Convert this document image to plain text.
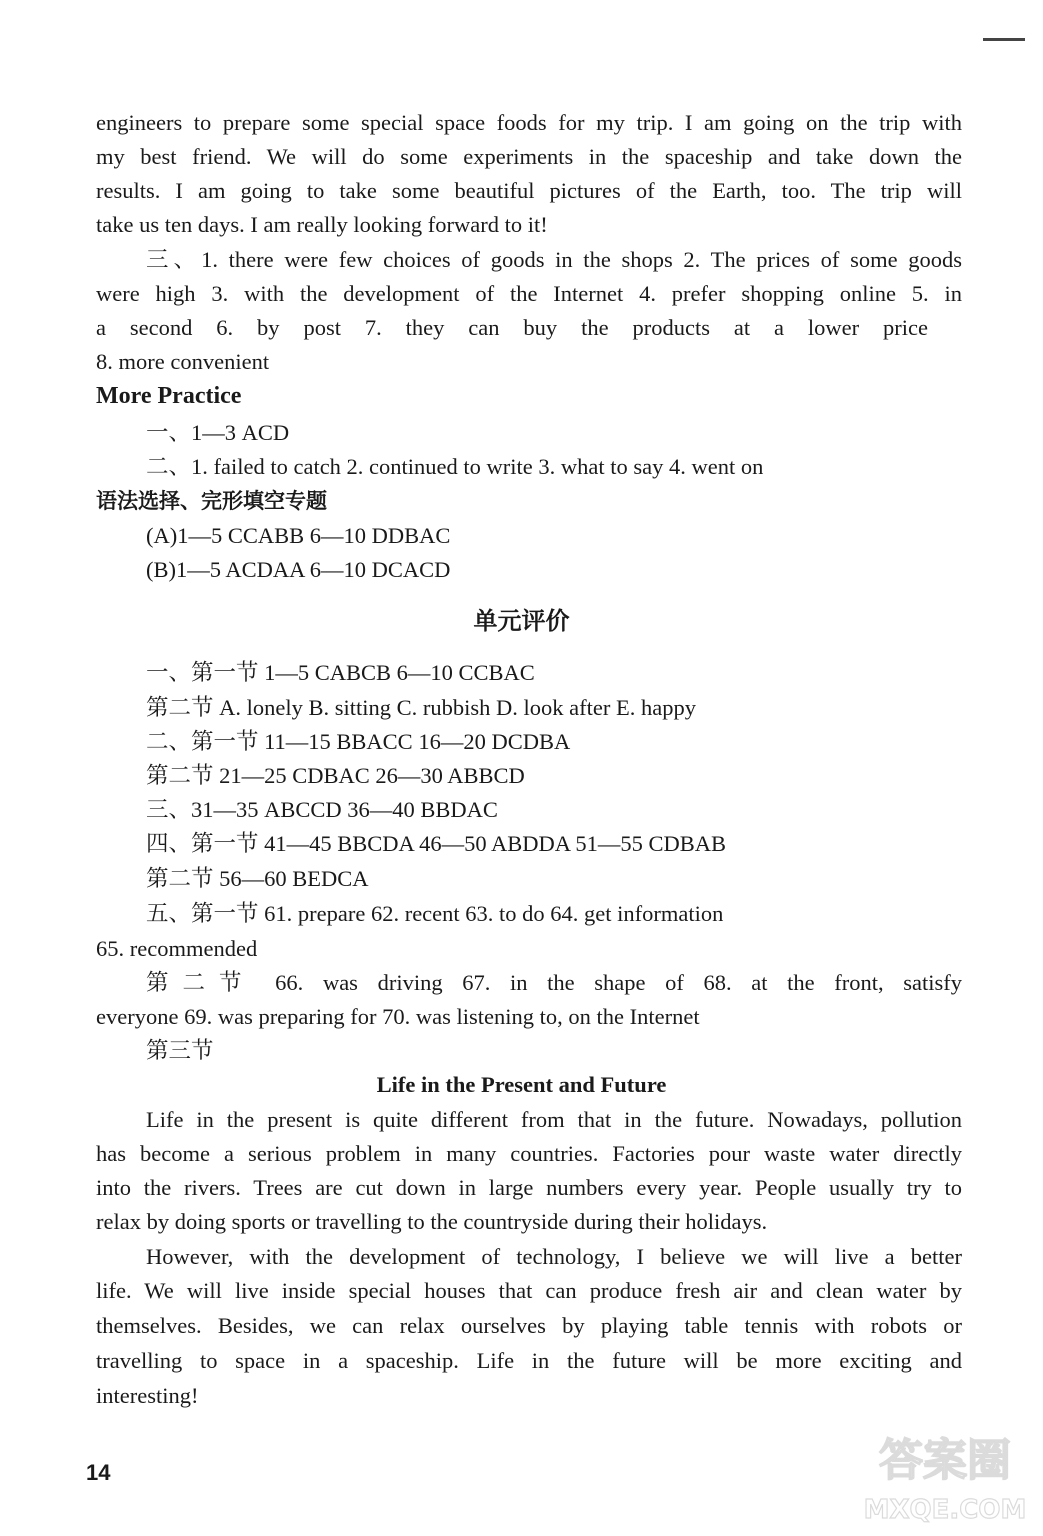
engineers to prepare some special space foods for my trip. I am going on the trip with
my best friend. We will do some experiments in the spaceship and take down the
results. I am going to take some beautiful pictures of the Earth, too. The trip will
take us ten days. I am really looking forward to it!
三、1. there were few choices of goods in the shops 2. The prices of some goods
were high 3. with the development of the Internet 4. prefer shopping online 5. in
a second 6. by post 7. they can buy the products at a lower price
8. more convenient
More Practice
一、1—3 ACD
二、1. failed to catch 2. continued to write 3. what to say 4. went on
语法选择、完形填空专题
(A)1—5 CCABB 6—10 DDBAC
(B)1—5 ACDAA 6—10 DCACD
单元评价
一、第一节 1—5 CABCB 6—10 CCBAC
第二节 A. lonely B. sitting C. rubbish D. look after E. happy
二、第一节 11—15 BBACC 16—20 DCDBA
第二节 21—25 CDBAC 26—30 ABBCD
三、31—35 ABCCD 36—40 BBDAC
四、第一节 41—45 BBCDA 46—50 ABDDA 51—55 CDBAB
第二节 56—60 BEDCA
五、第一节 61. prepare 62. recent 63. to do 64. get information
65. recommended
第二节 66. was driving 67. in the shape of 68. at the front, satisfy
everyone 69. was preparing for 70. was listening to, on the Internet
第三节
Life in the Present and Future
Life in the present is quite different from that in the future. Nowadays, pollution
has become a serious problem in many countries. Factories pour waste water directly
into the rivers. Trees are cut down in large numbers every year. People usually try to
relax by doing sports or travelling to the countryside during their holidays.
However, with the development of technology, I believe we will live a better
life. We will live inside special houses that can produce fresh air and clean water by
themselves. Besides, we can relax ourselves by playing table tennis with robots or
travelling to space in a spaceship. Life in the future will be more exciting and
interesting!
14	答案圈
MXQE.COM
